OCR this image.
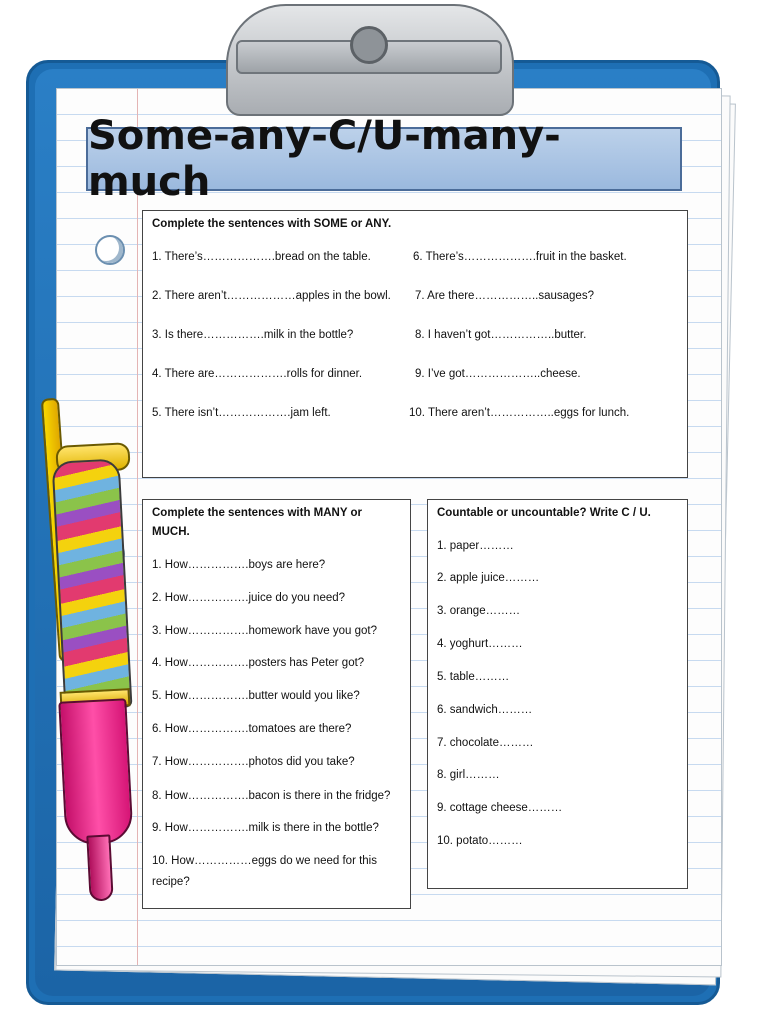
Some-any-C/U-many-much
Complete the sentences with SOME or ANY.
1. There’s……………….bread on the table.
2. There aren’t………………apples in the bowl.
3. Is there…………….milk in the bottle?
4. There are……………….rolls for dinner.
5. There isn’t……………….jam left.
6. There’s……………….fruit in the basket.
7. Are there……………..sausages?
8. I haven’t got……………..butter.
9. I’ve got………………..cheese.
10. There aren’t……………..eggs for lunch.
Complete the sentences with MANY or
MUCH.
1. How…………….boys are here?
2. How…………….juice do you need?
3. How…………….homework have you got?
4. How…………….posters has Peter got?
5. How…………….butter would you like?
6. How…………….tomatoes are there?
7. How…………….photos did you take?
8. How…………….bacon is there in the fridge?
9. How…………….milk is there in the bottle?
10. How……………eggs do we need for this
recipe?
Countable or uncountable? Write C / U.
1. paper………
2. apple juice………
3. orange………
4. yoghurt………
5. table………
6. sandwich………
7. chocolate………
8. girl………
9. cottage cheese………
10. potato………
